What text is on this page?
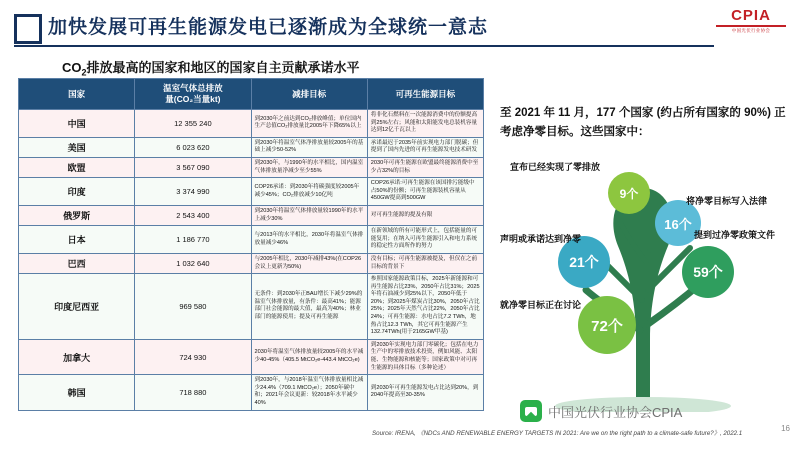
加快发展可再生能源发电已逐渐成为全球统一意志
CPIA
中国光伏行业协会
$CO_2$排放最高的国家和地区的国家自主贡献承诺水平
国家	温室气体总排放
量(CO₂当量kt)	减排目标	可再生能源目标
中国	12 355 240	到2030年之前达到CO₂排放峰值；单位国内生产总值CO₂排放量比2005年下降65%以上	将非化石燃料在一次能源消费中的份额提高到25%左右；风能和太阳能发电总装机容量达到12亿千瓦以上
美国	6 023 620	到2030年将温室气体净排放量较2005年的基础上减少50-52%	承诺最迟于2035年前实现电力部门脱碳；但提到了国内先进的可再生能源发电技术研发
欧盟	3 567 090	到2030年，与1990年的水平相比，国内温室气体排放量净减少至少55%	2030年可再生能源在欧盟最终能源消费中至少占32%的目标
印度	3 374 990	COP26承诺：到2030年将碳强度较2005年减少45%；CO₂排放减少10亿吨	COP26承诺:可再生能源在该国排污能级中占50%的份额；可再生能源装机容量从450GW提高到500GW
俄罗斯	2 543 400	到2030年将温室气体排放量较1990年的水平上减少30%	对可再生能源的提及有限
日本	1 186 770	与2013年的水平相比，2030年将温室气体排放量减少46%	在新领域的所有可能形式上，包括能量的可能复用；在纳入可再生能源引入和电力系统的稳定性方面所作的努力
巴西	1 032 640	与2005年相比，2030年减排43%(在COP26会议上更新为50%)	没有目标；可再生能源被提及，但仅在之前目标的背景下
印度尼西亚	969 580	无条件：到2030年正BAU增长下减少29%的温室气体排放量，有条件：最高41%；能源部门社会能源的最大值，最高为40%；林业部门的能源使用；提及可再生能源	参照国家能源政策目标，2025年新能源和可再生能源占比23%，2050年占比31%；2025年将石油减少到25%以下，2050年低于20%；到2025年煤炭占比30%，2050年占比25%；2025年天然气占比22%，2050年占比24%；可再生能源：水电占比7.2 TWh，地热占比12.3 TWh，其它可再生能源产生132.74TWh(用于2165GW甲基)
加拿大	724 930	2030年将温室气体排放量较2005年的水平减少40-45%（405.5 MtCO₂e-443.4 MtCO₂e)	到2030年实现电力部门零碳化；包括在电力生产中的零排放技术投资，例如风能、太阳能、生物能源和核能等；国家政策中对可再生能源的具体目标（多种论述）
韩国	718 880	到2030年，与2018年温室气体排放量相比减少24.4%（709.1 MtCO₂e）；2050年碳中和；2021年会议更新：较2018年水平减少40%	到2030年可再生能源发电占比达到20%，到2040年提高至30-35%
至 2021 年 11 月，177 个国家 (约占所有国家的 90%) 正考虑净零目标。这些国家中：
9个
16个
59个
21个
72个
宣布已经实现了零排放
将净零目标写入法律
提到过净零政策文件
声明或承诺达到净零
就净零目标正在讨论
中国光伏行业协会CPIA
Source: IRENA, 《NDCs AND RENEWABLE ENERGY TARGETS IN 2021: Are we on the right path to a climate-safe future?》, 2022.1
16
